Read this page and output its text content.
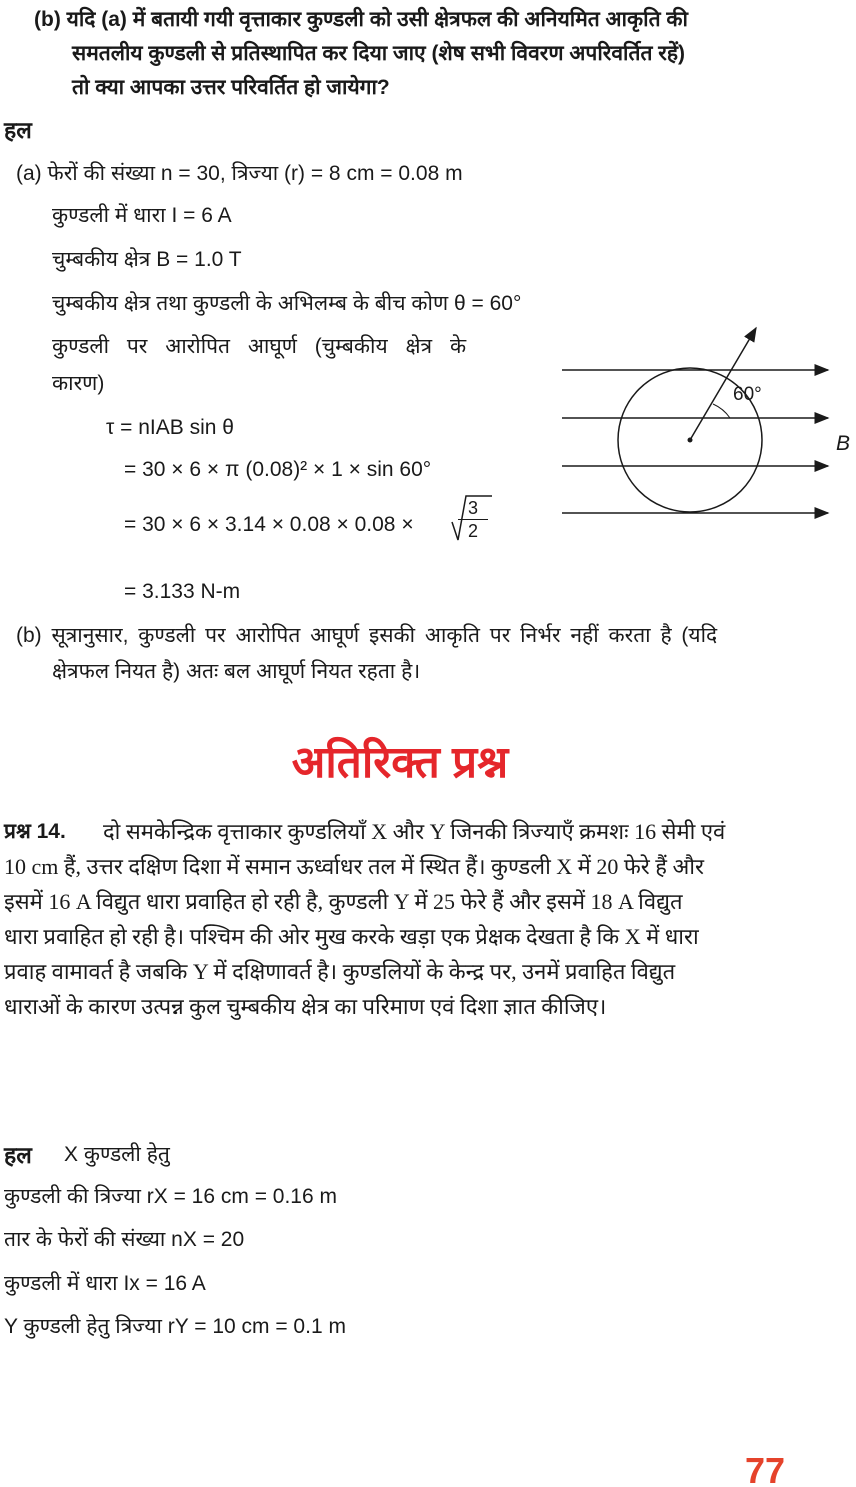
(b) यदि (a) में बतायी गयी वृत्ताकार कुण्डली को उसी क्षेत्रफल की अनियमित आकृति की
समतलीय कुण्डली से प्रतिस्थापित कर दिया जाए (शेष सभी विवरण अपरिवर्तित रहें)
तो क्या आपका उत्तर परिवर्तित हो जायेगा?
हल
(a) फेरों की संख्या n = 30, त्रिज्या (r) = 8 cm = 0.08 m
कुण्डली में धारा I = 6 A
चुम्बकीय क्षेत्र B = 1.0 T
चुम्बकीय क्षेत्र तथा कुण्डली के अभिलम्ब के बीच कोण θ = 60°
कुण्डली पर आरोपित आघूर्ण (चुम्बकीय क्षेत्र के
कारण)
τ = nIAB sin θ
= 30 × 6 × π (0.08)² × 1 × sin 60°
= $30 \times 6 \times 3.14 \times 0.08 \times 0.08 \times \frac{3}{2}$
= 3.133 N-m
(b) सूत्रानुसार, कुण्डली पर आरोपित आघूर्ण इसकी आकृति पर निर्भर नहीं करता है (यदि
क्षेत्रफल नियत है) अतः बल आघूर्ण नियत रहता है।
60°
B
अतिरिक्त प्रश्न
प्रश्न 14. दो समकेन्द्रिक वृत्ताकार कुण्डलियाँ X और Y जिनकी त्रिज्याएँ क्रमशः 16 सेमी एवं
10 cm हैं, उत्तर दक्षिण दिशा में समान ऊर्ध्वाधर तल में स्थित हैं। कुण्डली X में 20 फेरे हैं और
इसमें 16 A विद्युत धारा प्रवाहित हो रही है, कुण्डली Y में 25 फेरे हैं और इसमें 18 A विद्युत
धारा प्रवाहित हो रही है। पश्चिम की ओर मुख करके खड़ा एक प्रेक्षक देखता है कि X में धारा
प्रवाह वामावर्त है जबकि Y में दक्षिणावर्त है। कुण्डलियों के केन्द्र पर, उनमें प्रवाहित विद्युत
धाराओं के कारण उत्पन्न कुल चुम्बकीय क्षेत्र का परिमाण एवं दिशा ज्ञात कीजिए।
हल X कुण्डली हेतु
कुण्डली की त्रिज्या rX = 16 cm = 0.16 m
तार के फेरों की संख्या nX = 20
कुण्डली में धारा Ix = 16 A
Y कुण्डली हेतु त्रिज्या rY = 10 cm = 0.1 m
77
